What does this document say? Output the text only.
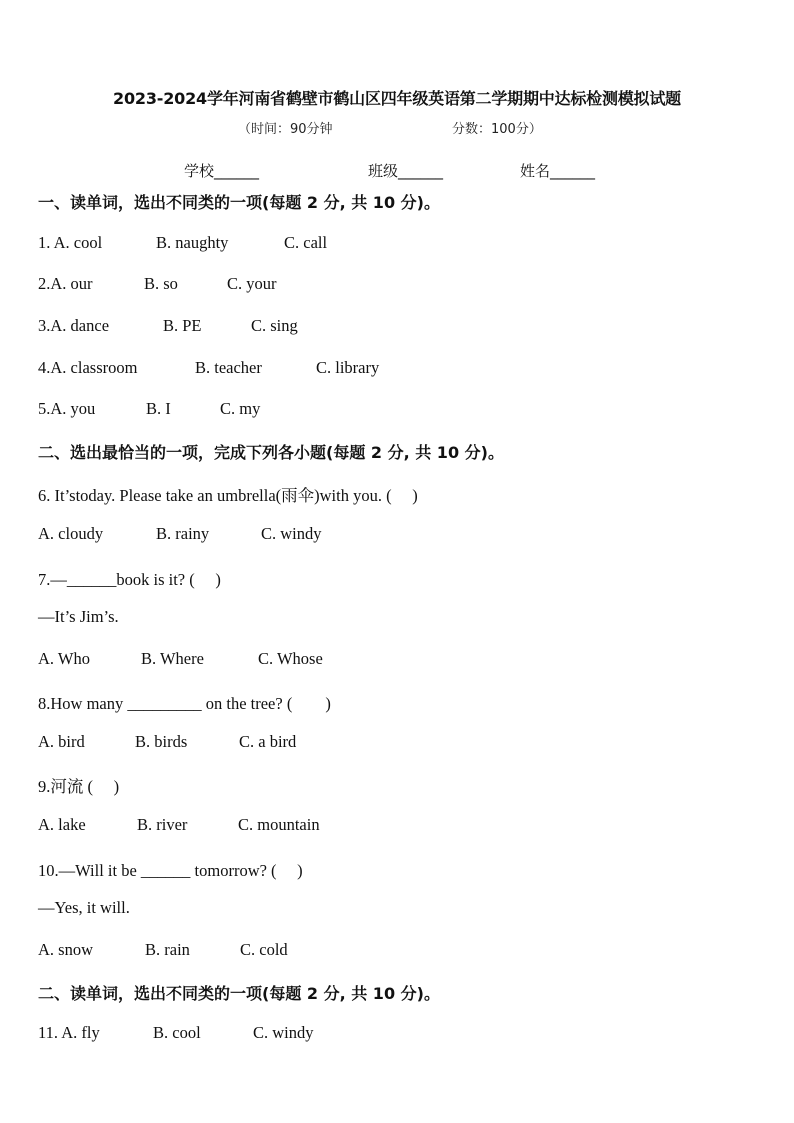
2023-2024学年河南省鹤壁市鹤山区四年级英语第二学期期中达标检测模拟试题
（时间：90分钟	分数：100分）
学校______	班级______	姓名______
一、读单词，选出不同类的一项(每题 2 分, 共 10 分)。
1. A. cool	B. naughty	C. call
2.A. our	B. so	C. your
3.A. dance	B. PE	C. sing
4.A. classroom	B. teacher	C. library
5.A. you	B. I	C. my
二、选出最恰当的一项，完成下列各小题(每题 2 分, 共 10 分)。
6. It’stoday. Please take an umbrella(雨伞)with you. (　 )
A. cloudy	B. rainy	C. windy
7.—______book is it? (　 )
—It’s Jim’s.
A. Who	B. Where	C. Whose
8.How many _________ on the tree? (　　)
A. bird	B. birds	C. a bird
9.河流 (　 )
A. lake	B. river	C. mountain
10.—Will it be ______ tomorrow? (　 )
—Yes, it will.
A. snow	B. rain	C. cold
二、读单词，选出不同类的一项(每题 2 分, 共 10 分)。
11. A. fly	B. cool	C. windy
